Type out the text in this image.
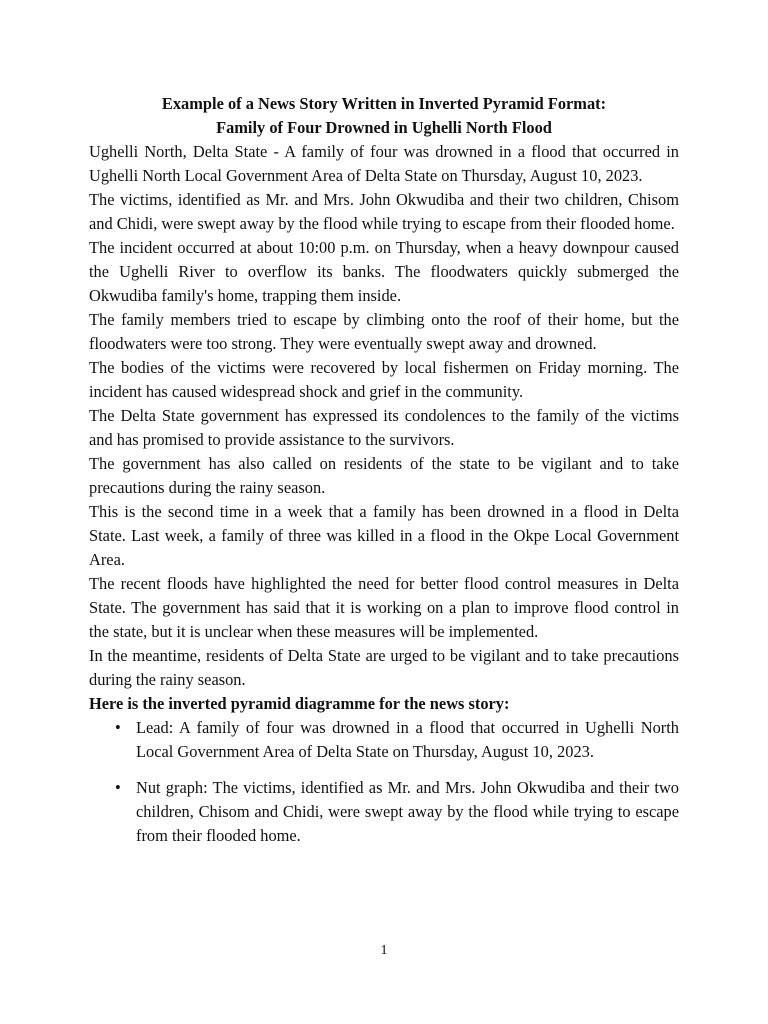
Example of a News Story Written in Inverted Pyramid Format:

Family of Four Drowned in Ughelli North Flood

Ughelli North, Delta State - A family of four was drowned in a flood that occurred in Ughelli North Local Government Area of Delta State on Thursday, August 10, 2023.

The victims, identified as Mr. and Mrs. John Okwudiba and their two children, Chisom and Chidi, were swept away by the flood while trying to escape from their flooded home.

The incident occurred at about 10:00 p.m. on Thursday, when a heavy downpour caused the Ughelli River to overflow its banks. The floodwaters quickly submerged the Okwudiba family's home, trapping them inside.

The family members tried to escape by climbing onto the roof of their home, but the floodwaters were too strong. They were eventually swept away and drowned.

The bodies of the victims were recovered by local fishermen on Friday morning. The incident has caused widespread shock and grief in the community.

The Delta State government has expressed its condolences to the family of the victims and has promised to provide assistance to the survivors.

The government has also called on residents of the state to be vigilant and to take precautions during the rainy season.

This is the second time in a week that a family has been drowned in a flood in Delta State. Last week, a family of three was killed in a flood in the Okpe Local Government Area.

The recent floods have highlighted the need for better flood control measures in Delta State. The government has said that it is working on a plan to improve flood control in the state, but it is unclear when these measures will be implemented.

In the meantime, residents of Delta State are urged to be vigilant and to take precautions during the rainy season.

Here is the inverted pyramid diagramme for the news story:

• Lead: A family of four was drowned in a flood that occurred in Ughelli North Local Government Area of Delta State on Thursday, August 10, 2023.
• Nut graph: The victims, identified as Mr. and Mrs. John Okwudiba and their two children, Chisom and Chidi, were swept away by the flood while trying to escape from their flooded home.
1
